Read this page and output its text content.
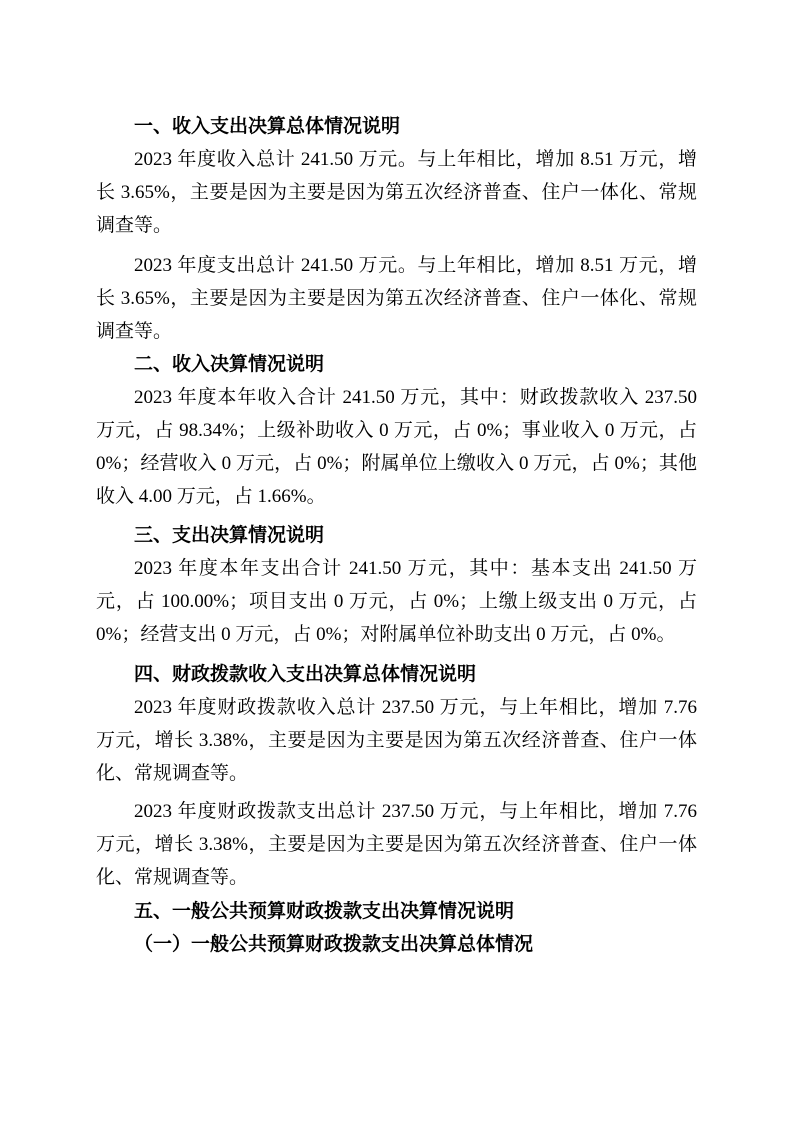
一、收入支出决算总体情况说明

2023 年度收入总计 241.50 万元。与上年相比，增加 8.51 万元，增长 3.65%，主要是因为主要是因为第五次经济普查、住户一体化、常规调查等。

2023 年度支出总计 241.50 万元。与上年相比，增加 8.51 万元，增长 3.65%，主要是因为主要是因为第五次经济普查、住户一体化、常规调查等。

二、收入决算情况说明

2023 年度本年收入合计 241.50 万元，其中：财政拨款收入 237.50 万元，占 98.34%；上级补助收入 0 万元，占 0%；事业收入 0 万元，占 0%；经营收入 0 万元，占 0%；附属单位上缴收入 0 万元，占 0%；其他收入 4.00 万元，占 1.66%。

三、支出决算情况说明

2023 年度本年支出合计 241.50 万元，其中：基本支出 241.50 万元，占 100.00%；项目支出 0 万元，占 0%；上缴上级支出 0 万元，占 0%；经营支出 0 万元，占 0%；对附属单位补助支出 0 万元，占 0%。

四、财政拨款收入支出决算总体情况说明

2023 年度财政拨款收入总计 237.50 万元，与上年相比，增加 7.76 万元，增长 3.38%，主要是因为主要是因为第五次经济普查、住户一体化、常规调查等。

2023 年度财政拨款支出总计 237.50 万元，与上年相比，增加 7.76 万元，增长 3.38%，主要是因为主要是因为第五次经济普查、住户一体化、常规调查等。

五、一般公共预算财政拨款支出决算情况说明
（一）一般公共预算财政拨款支出决算总体情况
